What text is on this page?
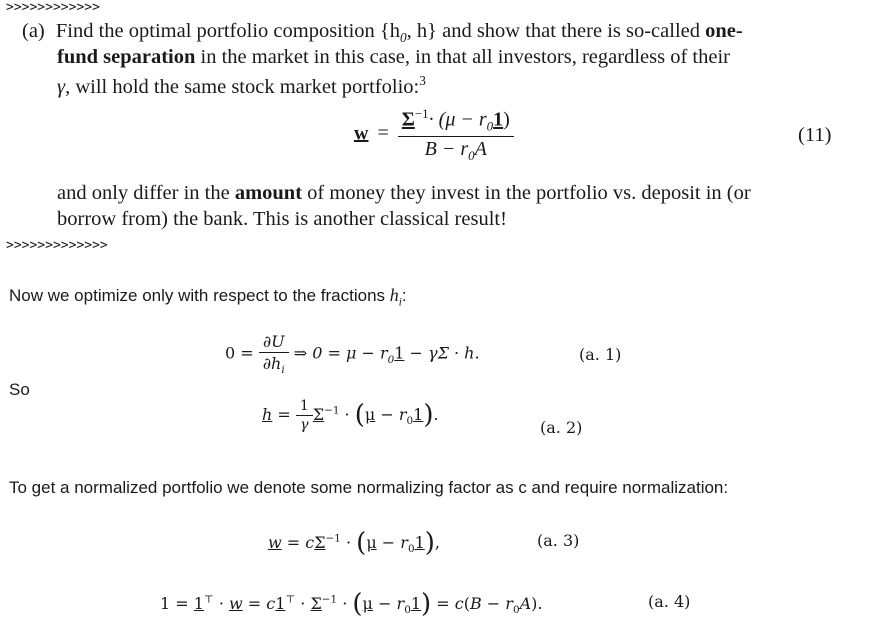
>>>>>>>>>>>>
(a) Find the optimal portfolio composition {$h_0$, h} and show that there is so-called one-
fund separation in the market in this case, in that all investors, regardless of their
γ, will hold the same stock market portfolio:$^3$
$w = \frac{\Sigma^{-1}\cdot (\mu - r_01)}{B - r_0A}$	(11)
and only differ in the amount of money they invest in the portfolio vs. deposit in (or
borrow from) the bank. This is another classical result!
>>>>>>>>>>>>>
Now we optimize only with respect to the fractions $h_i$:
$0 = \frac{\partial U}{\partial h_i}$ ⇒ $0 = \mu - r_01 - \gamma\Sigma \cdot h$.	(a. 1)
So
$h = \frac{1}{\gamma} \Sigma^{-1} \cdot (\mu - r_01)$.
(a. 2)
To get a normalized portfolio we denote some normalizing factor as c and require normalization:
$w = c\Sigma^{-1} \cdot (\mu - r_01)$,	(a. 3)
$1 = 1^⊤ \cdot w = c1^⊤ \cdot \Sigma^{-1} \cdot (\mu - r_01) = c(B - r_0A)$.	(a. 4)
